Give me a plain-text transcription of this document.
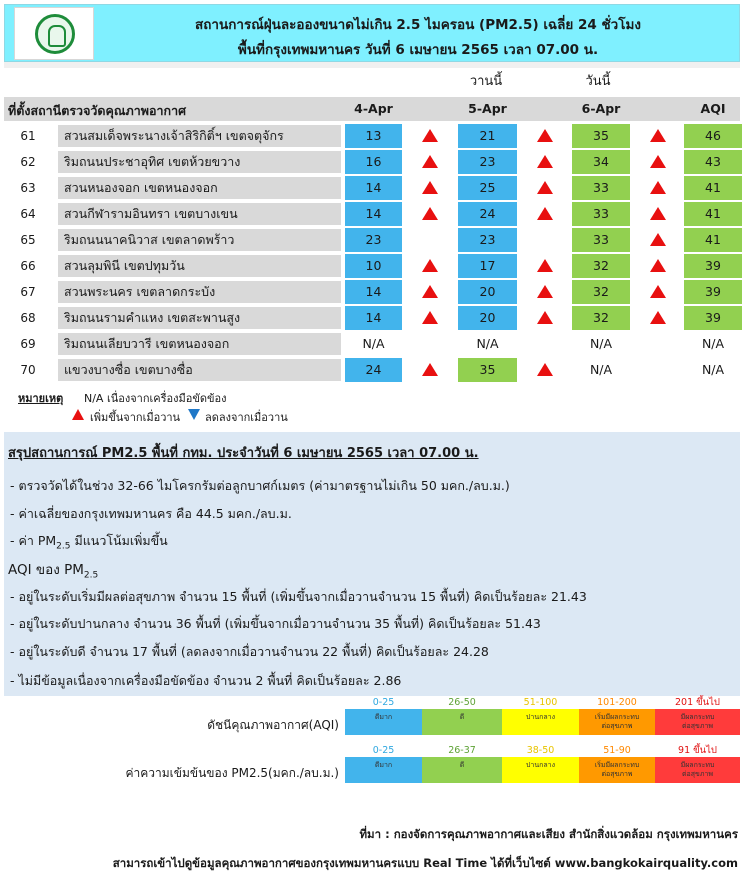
สถานการณ์ฝุ่นละอองขนาดไม่เกิน 2.5 ไมครอน (PM2.5) เฉลี่ย 24 ชั่วโมง
พื้นที่กรุงเทพมหานคร วันที่ 6 เมษายน 2565 เวลา 07.00 น.
วานนี้	วันนี้
ที่ตั้งสถานีตรวจวัดคุณภาพอากาศ	4-Apr	5-Apr	6-Apr	AQI
61	สวนสมเด็จพระนางเจ้าสิริกิติ์ฯ เขตจตุจักร	13	21	35	46
62	ริมถนนประชาอุทิศ เขตห้วยขวาง	16	23	34	43
63	สวนหนองจอก เขตหนองจอก	14	25	33	41
64	สวนกีฬารามอินทรา เขตบางเขน	14	24	33	41
65	ริมถนนนาคนิวาส เขตลาดพร้าว	23	23	33	41
66	สวนลุมพินี เขตปทุมวัน	10	17	32	39
67	สวนพระนคร เขตลาดกระบัง	14	20	32	39
68	ริมถนนรามคำแหง เขตสะพานสูง	14	20	32	39
69	ริมถนนเลียบวารี เขตหนองจอก	N/A	N/A	N/A	N/A
70	แขวงบางซื่อ เขตบางซื่อ	24	35	N/A	N/A
หมายเหตุ N/A เนื่องจากเครื่องมือขัดข้อง
เพิ่มขึ้นจากเมื่อวาน ลดลงจากเมื่อวาน
สรุปสถานการณ์ PM2.5 พื้นที่ กทม. ประจำวันที่ 6 เมษายน 2565 เวลา 07.00 น.
- ตรวจวัดได้ในช่วง 32-66 ไมโครกรัมต่อลูกบาศก์เมตร (ค่ามาตรฐานไม่เกิน 50 มคก./ลบ.ม.)
- ค่าเฉลี่ยของกรุงเทพมหานคร คือ 44.5 มคก./ลบ.ม.
- ค่า $PM_{2.5}$ มีแนวโน้มเพิ่มขึ้น
AQI ของ $PM_{2.5}$
- อยู่ในระดับเริ่มมีผลต่อสุขภาพ จำนวน 15 พื้นที่ (เพิ่มขึ้นจากเมื่อวานจำนวน 15 พื้นที่) คิดเป็นร้อยละ 21.43
- อยู่ในระดับปานกลาง จำนวน 36 พื้นที่ (เพิ่มขึ้นจากเมื่อวานจำนวน 35 พื้นที่) คิดเป็นร้อยละ 51.43
- อยู่ในระดับดี จำนวน 17 พื้นที่ (ลดลงจากเมื่อวานจำนวน 22 พื้นที่) คิดเป็นร้อยละ 24.28
- ไม่มีข้อมูลเนื่องจากเครื่องมือขัดข้อง จำนวน 2 พื้นที่ คิดเป็นร้อยละ 2.86
ดัชนีคุณภาพอากาศ(AQI)
0-25	26-50	51-100	101-200	201 ขึ้นไป
ดีมาก	ดี	ปานกลาง	เริ่มมีผลกระทบ
ต่อสุขภาพ
มีผลกระทบ
ต่อสุขภาพ
ค่าความเข้มข้นของ PM2.5(มคก./ลบ.ม.)
0-25	26-37	38-50	51-90	91 ขึ้นไป
ดีมาก	ดี	ปานกลาง	เริ่มมีผลกระทบ
ต่อสุขภาพ
มีผลกระทบ
ต่อสุขภาพ
ที่มา : กองจัดการคุณภาพอากาศและเสียง สำนักสิ่งแวดล้อม กรุงเทพมหานคร
สามารถเข้าไปดูข้อมูลคุณภาพอากาศของกรุงเทพมหานครแบบ Real Time ได้ที่เว็บไซต์ www.bangkokairquality.com
